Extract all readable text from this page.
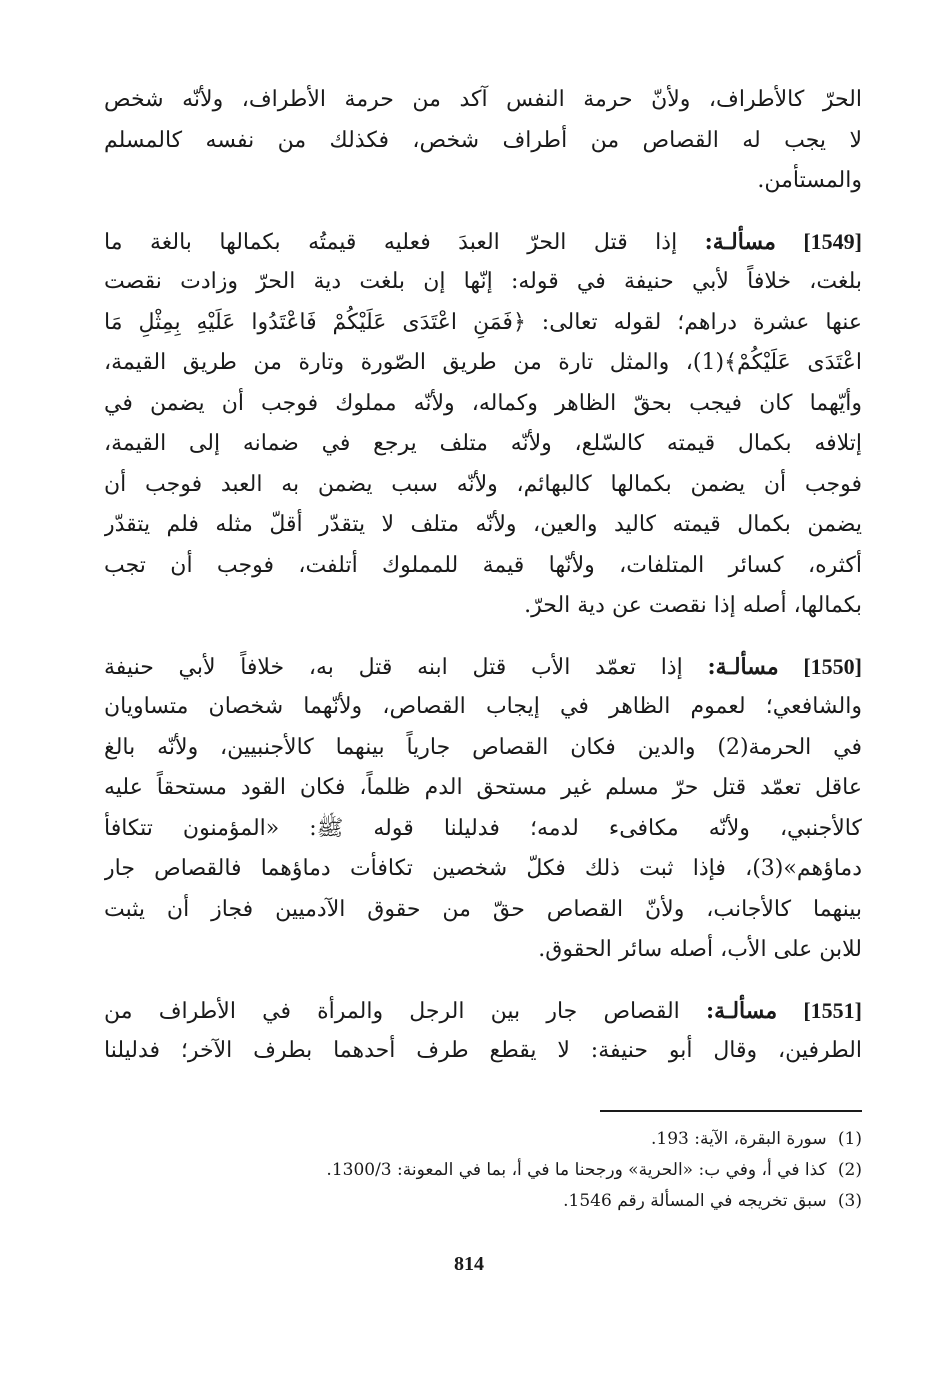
الحرّ كالأطراف، ولأنّ حرمة النفس آكد من حرمة الأطراف، ولأنّه شخص
لا يجب له القصاص من أطراف شخص، فكذلك من نفسه كالمسلم
والمستأمن.

[1549] مسألـة: إذا قتل الحرّ العبدَ فعليه قيمتُه بكمالها بالغة ما
بلغت، خلافاً لأبي حنيفة في قوله: إنّها إن بلغت دية الحرّ وزادت نقصت
عنها عشرة دراهم؛ لقوله تعالى: ﴿فَمَنِ اعْتَدَى عَلَيْكُمْ فَاعْتَدُوا عَلَيْهِ بِمِثْلِ مَا
اعْتَدَى عَلَيْكُمْ﴾(1)، والمثل تارة من طريق الصّورة وتارة من طريق القيمة،
وأيّهما كان فيجب بحقّ الظاهر وكماله، ولأنّه مملوك فوجب أن يضمن في
إتلافه بكمال قيمته كالسّلع، ولأنّه متلف يرجع في ضمانه إلى القيمة،
فوجب أن يضمن بكمالها كالبهائم، ولأنّه سبب يضمن به العبد فوجب أن
يضمن بكمال قيمته كاليد والعين، ولأنّه متلف لا يتقدّر أقلّ مثله فلم يتقدّر
أكثره، كسائر المتلفات، ولأنّها قيمة للمملوك أتلفت، فوجب أن تجب
بكمالها، أصله إذا نقصت عن دية الحرّ.

[1550] مسألـة: إذا تعمّد الأب قتل ابنه قتل به، خلافاً لأبي حنيفة
والشافعي؛ لعموم الظاهر في إيجاب القصاص، ولأنّهما شخصان متساويان
في الحرمة(2) والدين فكان القصاص جارياً بينهما كالأجنبيين، ولأنّه بالغ
عاقل تعمّد قتل حرّ مسلم غير مستحق الدم ظلماً، فكان القود مستحقاً عليه
كالأجنبي، ولأنّه مكافىء لدمه؛ فدليلنا قوله ﷺ: «المؤمنون تتكافأ
دماؤهم»(3)، فإذا ثبت ذلك فكلّ شخصين تكافأت دماؤهما فالقصاص جار
بينهما كالأجانب، ولأنّ القصاص حقّ من حقوق الآدميين فجاز أن يثبت
للابن على الأب، أصله سائر الحقوق.

[1551] مسألـة: القصاص جار بين الرجل والمرأة في الأطراف من
الطرفين، وقال أبو حنيفة: لا يقطع طرف أحدهما بطرف الآخر؛ فدليلنا

(1) سورة البقرة، الآية: 193.
(2) كذا في أ، وفي ب: «الحرية» ورجحنا ما في أ، بما في المعونة: 1300/3.
(3) سبق تخريجه في المسألة رقم 1546.
814
